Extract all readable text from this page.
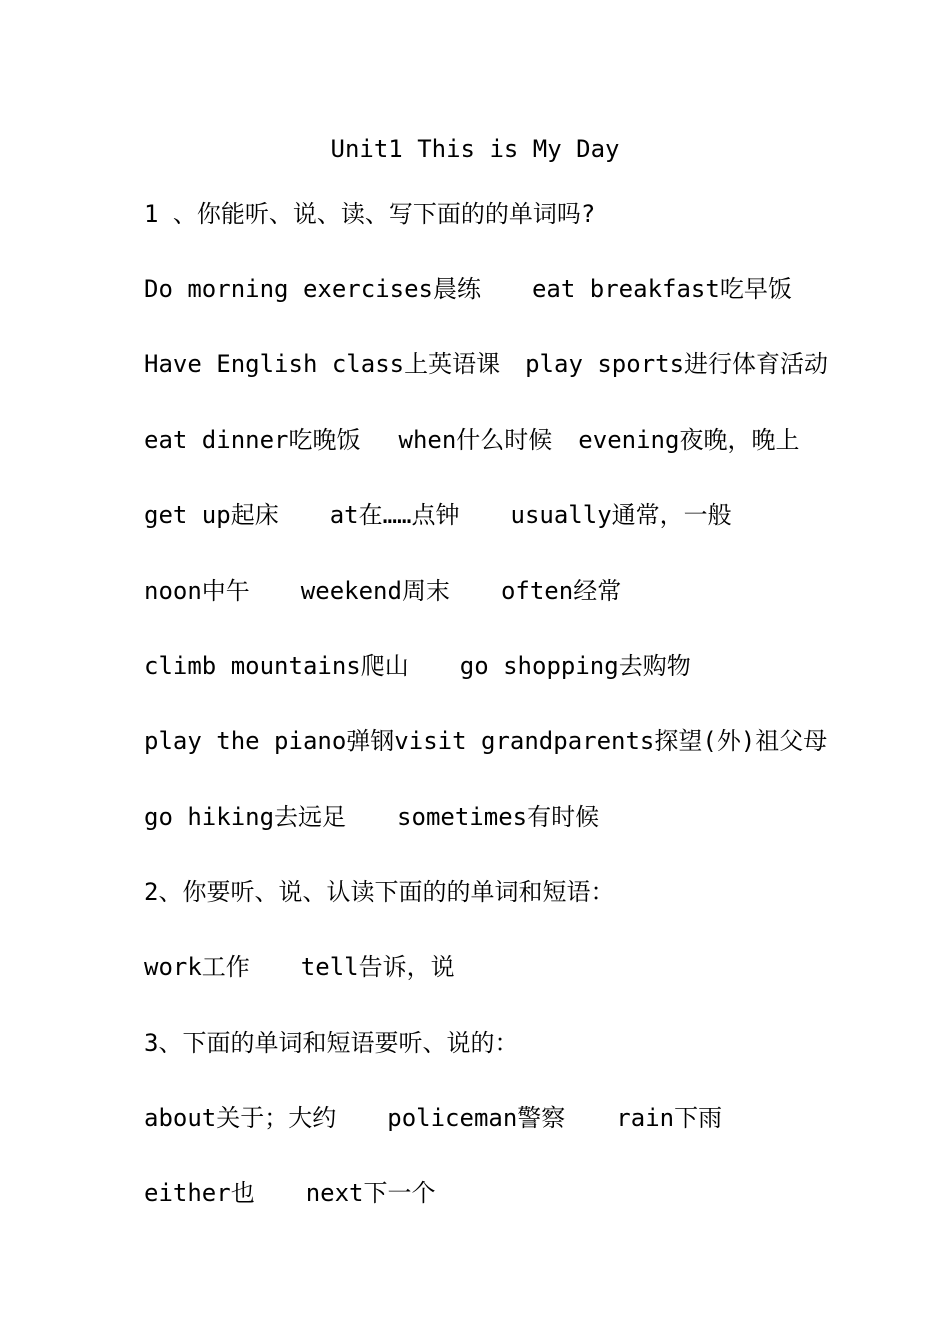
Unit1 This is My Day
1 、你能听、说、读、写下面的的单词吗?
Do morning exercises晨练 eat breakfast吃早饭
Have English class上英语课 play sports进行体育活动
eat dinner吃晚饭 when什么时候 evening夜晚，晚上
get up起床 at在……点钟 usually通常，一般
noon中午 weekend周末 often经常
climb mountains爬山 go shopping去购物
play the piano弹钢visit grandparents探望(外)祖父母
go hiking去远足 sometimes有时候
2、你要听、说、认读下面的的单词和短语：
work工作 tell告诉，说
3、下面的单词和短语要听、说的：
about关于；大约 policeman警察 rain下雨
either也 next下一个
